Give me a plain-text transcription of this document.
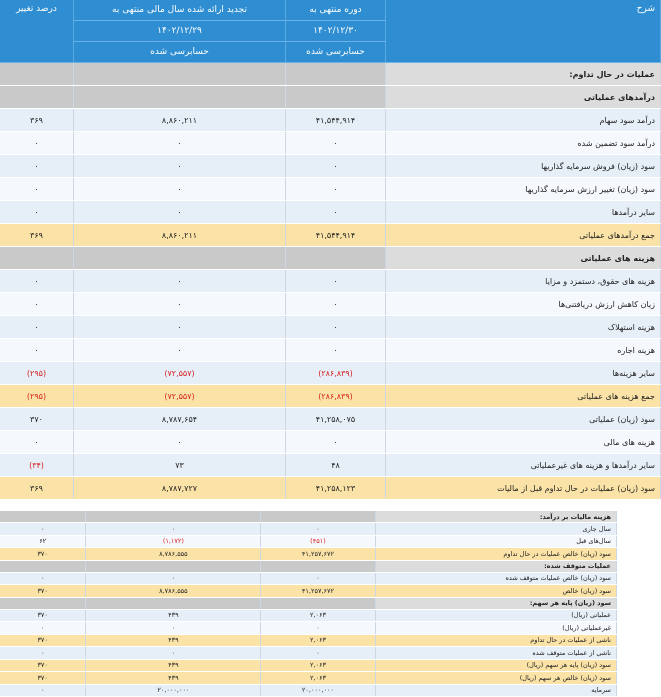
شرح	دوره منتهی به	تجدید ارائه شده سال مالی منتهی به	درصد تغییر
	۱۴۰۲/۱۲/۳۰	۱۴۰۲/۱۲/۲۹	
	حسابرسی شده	حسابرسی شده	
عملیات در حال تداوم:			
درآمدهای عملیاتی			
درآمد سود سهام	۴۱,۵۴۴,۹۱۴	۸,۸۶۰,۲۱۱	۳۶۹
درآمد سود تضمین شده	۰	۰	۰
سود (زیان) فروش سرمایه گذاریها	۰	۰	۰
سود (زیان) تغییر ارزش سرمایه گذاریها	۰	۰	۰
سایر درآمدها	۰	۰	۰
جمع درآمدهای عملیاتی	۴۱,۵۴۴,۹۱۴	۸,۸۶۰,۲۱۱	۳۶۹
هزینه های عملیاتی			
هزینه های حقوق، دستمزد و مزایا	۰	۰	۰
زیان کاهش ارزش دریافتنی‌ها	۰	۰	۰
هزینه استهلاک	۰	۰	۰
هزینه اجاره	۰	۰	۰
سایر هزینه‌ها	(۲۸۶,۸۳۹)	(۷۲,۵۵۷)	(۲۹۵)
جمع هزینه های عملیاتی	(۲۸۶,۸۳۹)	(۷۲,۵۵۷)	(۲۹۵)
سود (زیان) عملیاتی	۴۱,۲۵۸,۰۷۵	۸,۷۸۷,۶۵۴	۳۷۰
هزینه های مالی	۰	۰	۰
سایر درآمدها و هزینه های غیرعملیاتی	۴۸	۷۳	(۳۴)
سود (زیان) عملیات در حال تداوم قبل از مالیات	۴۱,۲۵۸,۱۲۳	۸,۷۸۷,۷۲۷	۳۶۹
هزینه مالیات بر درآمد:			
سال جاری	۰	۰	۰
سال‌های قبل	(۴۵۱)	(۱,۱۷۲)	۶۲
سود (زیان) خالص عملیات در حال تداوم	۴۱,۲۵۷,۶۷۲	۸,۷۸۶,۵۵۵	۳۷۰
عملیات متوقف شده:			
سود (زیان) خالص عملیات متوقف شده	۰	۰	۰
سود (زیان) خالص	۴۱,۲۵۷,۶۷۲	۸,۷۸۶,۵۵۵	۳۷۰
سود (زیان) پایه هر سهم:			
عملیاتی (ریال)	۲,۰۶۳	۴۳۹	۳۷۰
غیرعملیاتی (ریال)	۰	۰	۰
ناشی از عملیات در حال تداوم	۲,۰۶۳	۴۳۹	۳۷۰
ناشی از عملیات متوقف شده	۰	۰	۰
سود (زیان) پایه هر سهم (ریال)	۲,۰۶۳	۴۳۹	۳۷۰
سود (زیان) خالص هر سهم (ریال)	۲,۰۶۳	۴۳۹	۳۷۰
سرمایه	۲۰,۰۰۰,۰۰۰	۲۰,۰۰۰,۰۰۰	۰
